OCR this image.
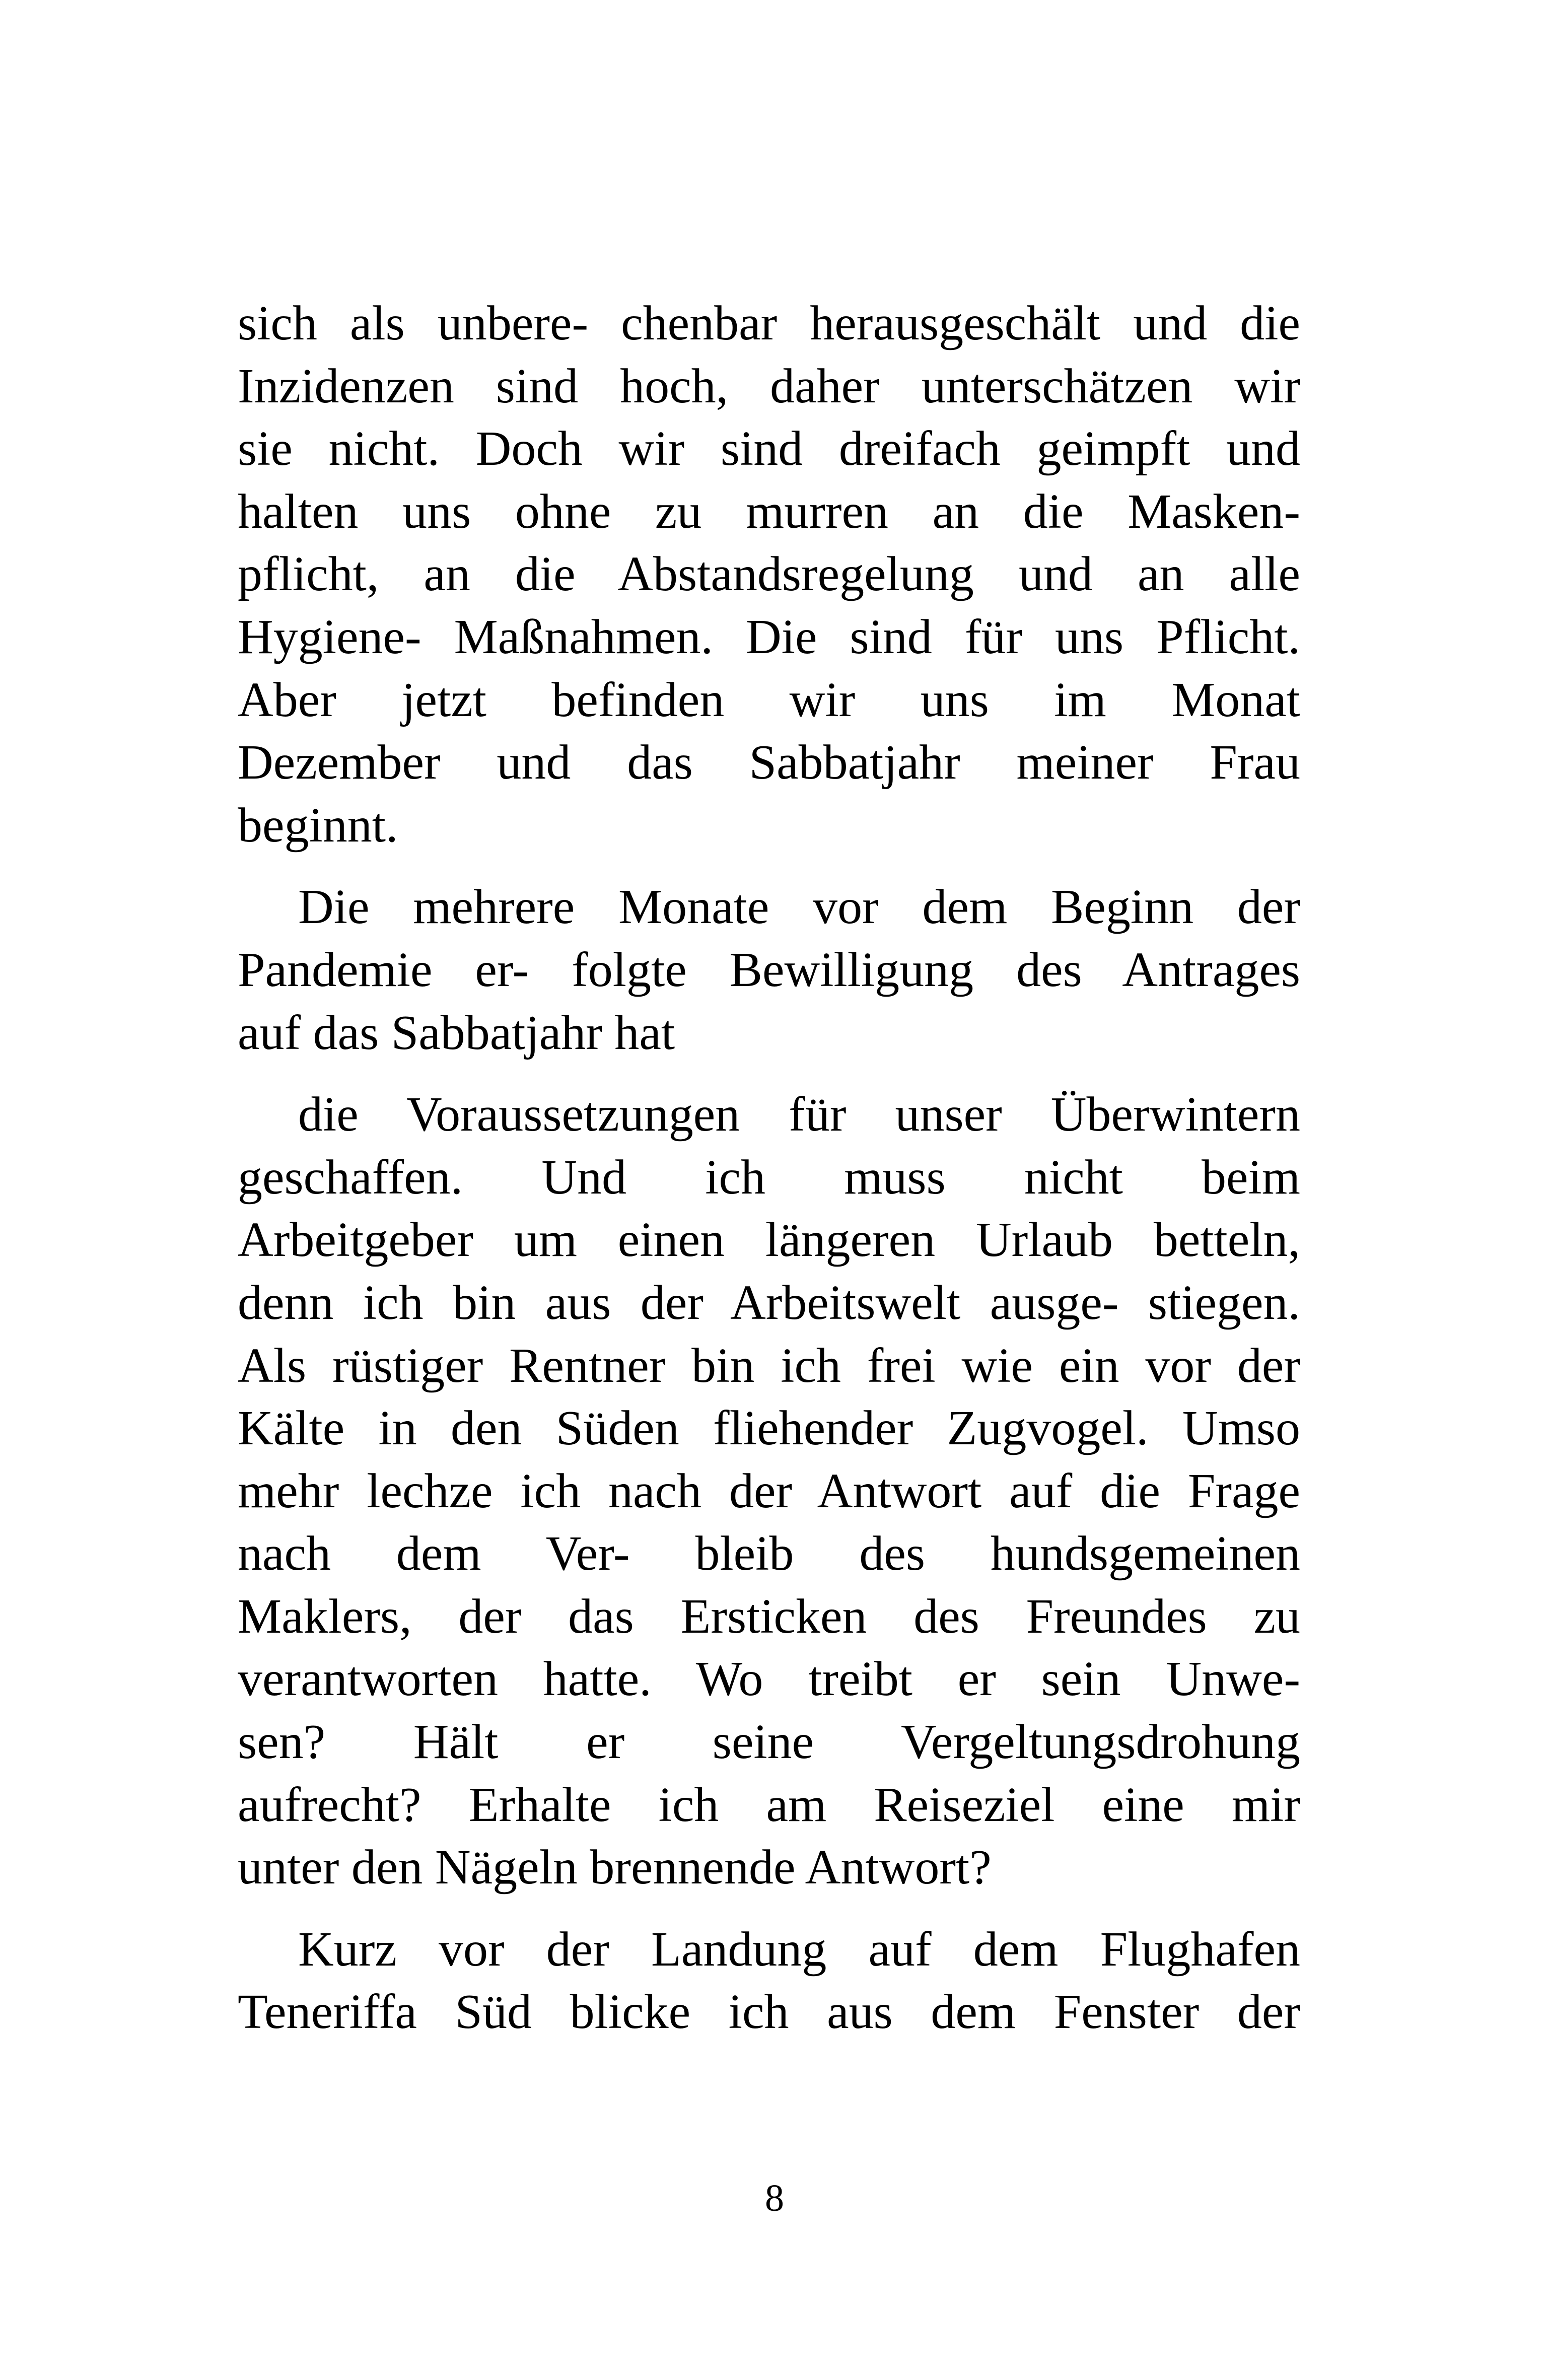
sich als unbere- chenbar herausgeschält und die
Inzidenzen sind hoch, daher unterschätzen wir
sie nicht. Doch wir sind dreifach geimpft und
halten uns ohne zu murren an die Masken-
pflicht, an die Abstandsregelung und an alle
Hygiene- Maßnahmen. Die sind für uns Pflicht.
Aber jetzt befinden wir uns im Monat
Dezember und das Sabbatjahr meiner Frau
beginnt.
Die mehrere Monate vor dem Beginn der
Pandemie er- folgte Bewilligung des Antrages
auf das Sabbatjahr hat
die Voraussetzungen für unser Überwintern
geschaffen. Und ich muss nicht beim
Arbeitgeber um einen längeren Urlaub betteln,
denn ich bin aus der Arbeitswelt ausge- stiegen.
Als rüstiger Rentner bin ich frei wie ein vor der
Kälte in den Süden fliehender Zugvogel. Umso
mehr lechze ich nach der Antwort auf die Frage
nach dem Ver- bleib des hundsgemeinen
Maklers, der das Ersticken des Freundes zu
verantworten hatte. Wo treibt er sein Unwe-
sen? Hält er seine Vergeltungsdrohung
aufrecht? Erhalte ich am Reiseziel eine mir
unter den Nägeln brennende Antwort?
Kurz vor der Landung auf dem Flughafen
Teneriffa Süd blicke ich aus dem Fenster der
8
